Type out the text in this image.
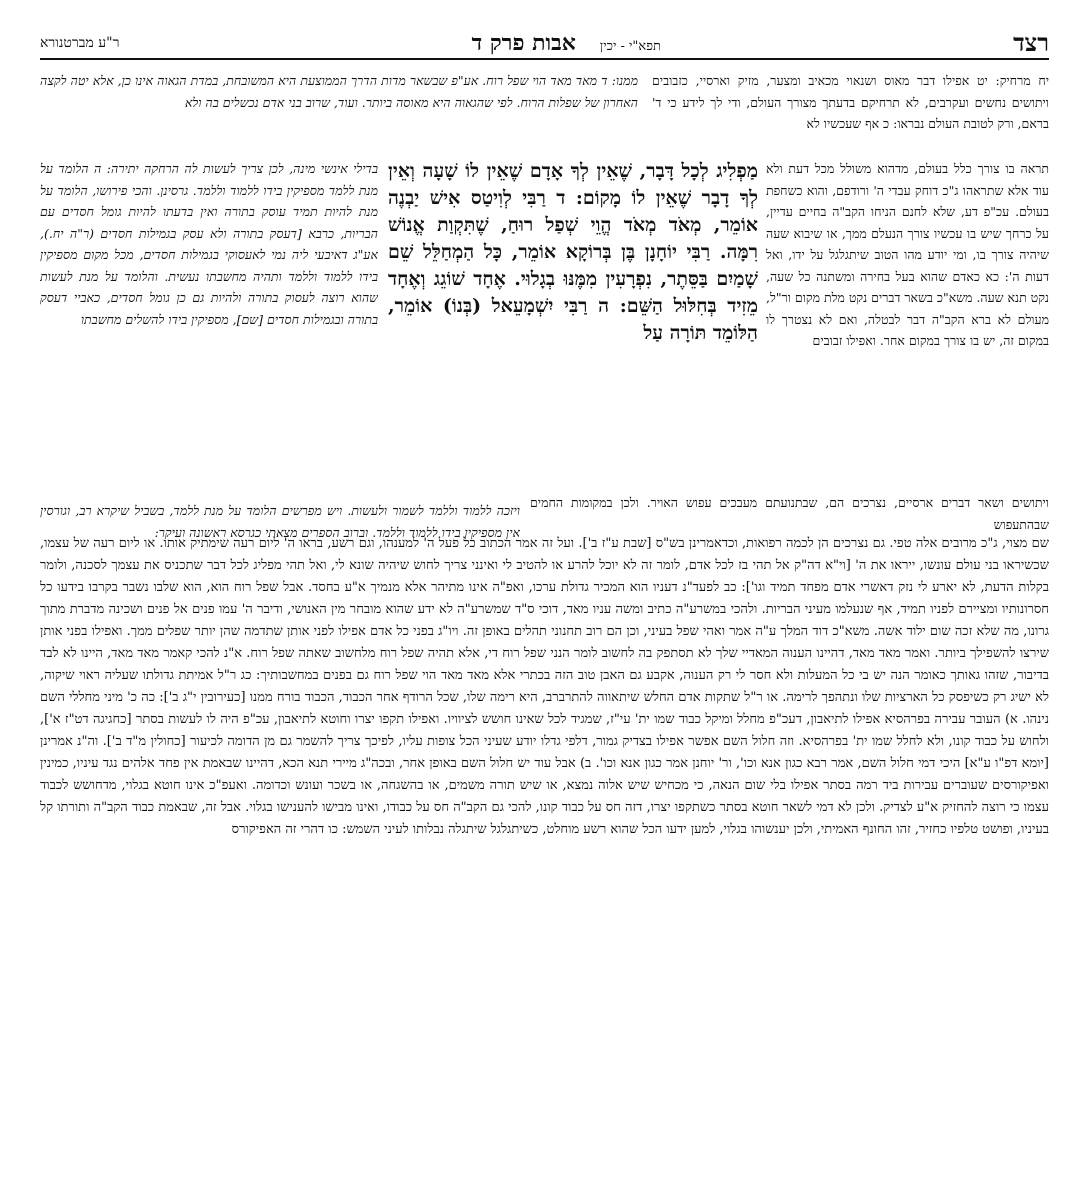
רצד
תפא"י - יכין
אבות פרק ד
ר"ע מברטנורא

יח מרחיק: יט אפילו דבר מאוס ושנאוי מכאיב ומצער, מזיק וארסיי, כזבובים ויתושים נחשים ועקרבים, לא תרחיקם בדעתך מצורך העולם, ודי לך לידע כי ד' בראם, ורק לטובת העולם נבראו: כ אף שעכשיו לא

תראה בו צורך כלל בעולם, מדהוא משולל מכל דעת ולא עוד אלא שתראהו ג"כ דוחק עבדי ה' ורודפם, והוא כשחפת בעולם. עכ"פ דע, שלא לחנם הניחו הקב"ה בחיים עדיין, על כרחך שיש בו עכשיו צורך הנעלם ממך, או שיבוא שעה שיהיה צורך בו, ומי יודע מהו הטוב שיתגלגל על ידו, ואל דעות ה': כא כאדם שהוא בעל בחירה ומשתנה כל שעה, נקט תנא שעה. משא"כ בשאר דברים נקט מלת מקום ור"ל, מעולם לא ברא הקב"ה דבר לבטלה, ואם לא נצטרך לו במקום זה, יש בו צורך במקום אחר. ואפילו זבובים

מַפְלִיג לְכָל דָּבָר, שֶׁאֵין לְךָ אָדָם שֶׁאֵין לוֹ שָׁעָה וְאֵין לְךָ דָבָר שֶׁאֵין לוֹ מָקוֹם: ד רַבִּי לְוִיטַס אִישׁ יַבְנֶה אוֹמֵר, מְאֹד מְאֹד הֱוֵי שְׁפַל רוּחַ, שֶׁתִּקְוַת אֱנוֹשׁ רִמָּה. רַבִּי יוֹחָנָן בֶּן בְּרוֹקָא אוֹמֵר, כָּל הַמְחַלֵּל שֵׁם שָׁמַיִם בַּסֵּתֶר, נִפְרָעִין מִמֶּנּוּ בְגָלוּי. אֶחָד שׁוֹגֵג וְאֶחָד מֵזִיד בְּחִלּוּל הַשֵּׁם: ה רַבִּי יִשְׁמָעֵאל (בְּנוֹ) אוֹמֵר, הַלּוֹמֵד תּוֹרָה עַל

ממנו: ד מאד מאד הוי שפל רוח. אע"פ שבשאר מדות הדרך הממוצעת היא המשובחת, במדת הגאוה אינו כן, אלא יטה לקצה האחרון של שפלות הרוח. לפי שהגאוה היא מאוסה ביותר. ועוד, שרוב בני אדם נכשלים בה ולא

בדילי אינשי מינה, לכן צריך לעשות לה הרחקה יתירה: ה הלומד על מנת ללמד מספיקין בידו ללמוד וללמד. גרסינן. והכי פירושו, הלומד על מנת להיות תמיד עוסק בתורה ואין בדעתו להיות גומל חסדים עם הבריות, כרבא [דעסק בתורה ולא עסק בגמילות חסדים (ר"ה יח.), אע"ג דאיבעי ליה נמי לאעסוקי בגמילות חסדים, מכל מקום מספיקין בידו ללמוד וללמד ותהיה מחשבתו נעשית. והלומד על מנת לעשות שהוא רוצה לעסוק בתורה ולהיות גם כן גומל חסדים, כאביי דעסק בתורה ובגמילות חסדים [שם], מספיקין בידו להשלים מחשבתו

ויזכה ללמוד וללמד לשמור ולעשות. ויש מפרשים הלומד על מנת ללמד, בשביל שיקרא רב, וגורסין אין מספיקין בידו ללמוד וללמד. וברוב הספרים מצאתי כגרסא ראשונה ועיקר:

ויתושים ושאר דברים ארסיים, נצרכים הם, שבתנועתם מעבכים עפוש האויר. ולכן במקומות החמים שבהתעפוש

שם מצוי, ג"כ מרובים אלה טפי. גם נצרכים הן לכמה רפואות, וכדאמרינן בש"ס [שבת ע"ז ב']. ועל זה אמר הכתוב כל פעל ה' למענהו, וגם רשע, בראו ה' ליום רעה שימתיק אותו. או ליום רעה של עצמו, שכשיראו בני עולם עונשו, ייראו את ה' [וי"א דה"ק אל תהי בז לכל אדם, לומר זה לא יוכל להרע או להטיב לי ואינני צריך לחוש שיהיה שונא לי, ואל תהי מפליג לכל דבר שתכניס את עצמך לסכנה, ולומר בקלות הדעת, לא יארע לי נזק דאשרי אדם מפחד תמיד וגו']: כב לפעד"נ דעניו הוא המכיר גדולת ערכו, ואפ"ה אינו מתיהר אלא מנמיך א"ע בחסד. אבל שפל רוח הוא, הוא שלבו נשבר בקרבו בידעו כל חסרונותיו ומציירם לפניו תמיד, אף שנעלמו מעיני הבריות. ולהכי במשרע"ה כתיב ומשה עניו מאד, דוכי ס"ד שמשרע"ה לא ידע שהוא מובחר מין האנושי, ודיבר ה' עמו פנים אל פנים ושכינה מדברת מתוך גרונו, מה שלא זכה שום ילוד אשה. משא"כ דוד המלך ע"ה אמר ואהי שפל בעיני, וכן הם רוב תחנוני תהלים באופן זה. ויו"ג בפני כל אדם אפילו לפני אותן שתדמה שהן יותר שפלים ממך. ואפילו בפני אותן שירצו להשפילך ביותר. ואמר מאד מאד, דהיינו הענוה המאדיי שלך לא תסתפק בה לחשוב לומר הנני שפל רוח די, אלא תהיה שפל רוח מלחשוב שאתה שפל רוח. א"נ להכי קאמר מאד מאד, היינו לא לבד בדיבור, שזהו גאותך כאומר הנה יש בי כל המעלות ולא חסר לי רק הענוה, אקבע גם האבן טוב הזה בכתרי אלא מאד מאד הוי שפל רוח גם בפנים במחשבותיך: כג ר"ל אמיתת גדולתו שעליה ראוי שיקוה, לא ישיג רק כשיפסק כל הארציות שלו ונתהפך לרימה. או ר"ל שתקות אדם החלש שיתאווה להתרברב, היא רימה שלו, שכל הרודף אחר הכבוד, הכבוד בורח ממנו [כעירובין י"ג ב']: כה כ' מיני מחללי השם נינהו. א) העובר עבירה בפרהסיא אפילו לתיאבון, דעכ"פ מחלל ומיקל כבוד שמו ית' עי"ז, שמגיד לכל שאינו חושש לציוויו. ואפילו תקפו יצרו וחוטא לתיאבון, עכ"פ היה לו לעשות בסתר [כחגיגה דט"ז א'], ולחוש על כבוד קונו, ולא לחלל שמו ית' בפרהסיא. וזה חלול השם אפשר אפילו בצדיק גמור, דלפי גדלו יודע שעיני הכל צופות עליו, לפיכך צריך להשמר גם מן הדומה לכיעור [כחולין מ"ד ב']. וה"נ אמרינן [יומא דפ"ו ע"א] היכי דמי חלול השם, אמר רבא כגון אנא וכו', ור' יוחנן אמר כגון אנא וכו'. ב) אבל עוד יש חלול השם באופן אחר, ובכה"ג מיירי תנא הכא, דהיינו שבאמת אין פחד אלהים נגד עיניו, כמינין ואפיקורסים שעוברים עבירות ביד רמה בסתר אפילו בלי שום הנאה, כי מכחיש שיש אלוה נמצא, או שיש תורה משמים, או בהשגחה, או בשכר ועונש וכדומה. ואעפ"כ אינו חוטא בגלוי, מדחושש לכבוד עצמו כי רוצה להחזיק א"ע לצדיק. ולכן לא דמי לשאר חוטא בסתר כשתקפו יצרו, דזה חס על כבוד קונו, להכי גם הקב"ה חס על כבודו, ואינו מבישו להענישו בגלוי. אבל זה, שבאמת כבוד הקב"ה ותורתו קל בעיניו, ופושט טלפיו כחזיר, זהו החונף האמיתי, ולכן יענשוהו בגלוי, למען ידעו הכל שהוא רשע מוחלט, כשיתגלגל שיתגלה נבלותו לעיני השמש: כו דהרי זה האפיקורס
